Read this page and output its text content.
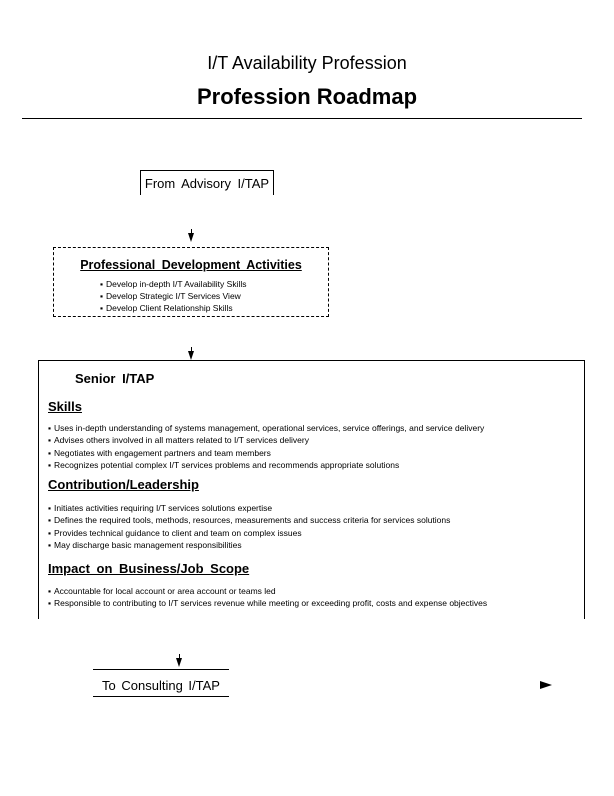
I/T Availability Profession
Profession Roadmap
From Advisory I/TAP
Professional Development Activities
▪ Develop in-depth I/T Availability Skills
▪ Develop Strategic I/T Services View
▪ Develop Client Relationship Skills
Senior I/TAP
Skills
▪ Uses in-depth understanding of systems management, operational services, service offerings, and service delivery
▪ Advises others involved in all matters related to I/T services delivery
▪ Negotiates with engagement partners and team members
▪ Recognizes potential complex I/T services problems and recommends appropriate solutions
Contribution/Leadership
▪ Initiates activities requiring I/T services solutions expertise
▪ Defines the required tools, methods, resources, measurements and success criteria for services solutions
▪ Provides technical guidance to client and team on complex issues
▪ May discharge basic management responsibilities
Impact on Business/Job Scope
▪ Accountable for local account or area account or teams led
▪ Responsible to contributing to I/T services revenue while meeting or exceeding profit, costs and expense objectives
To Consulting I/TAP
